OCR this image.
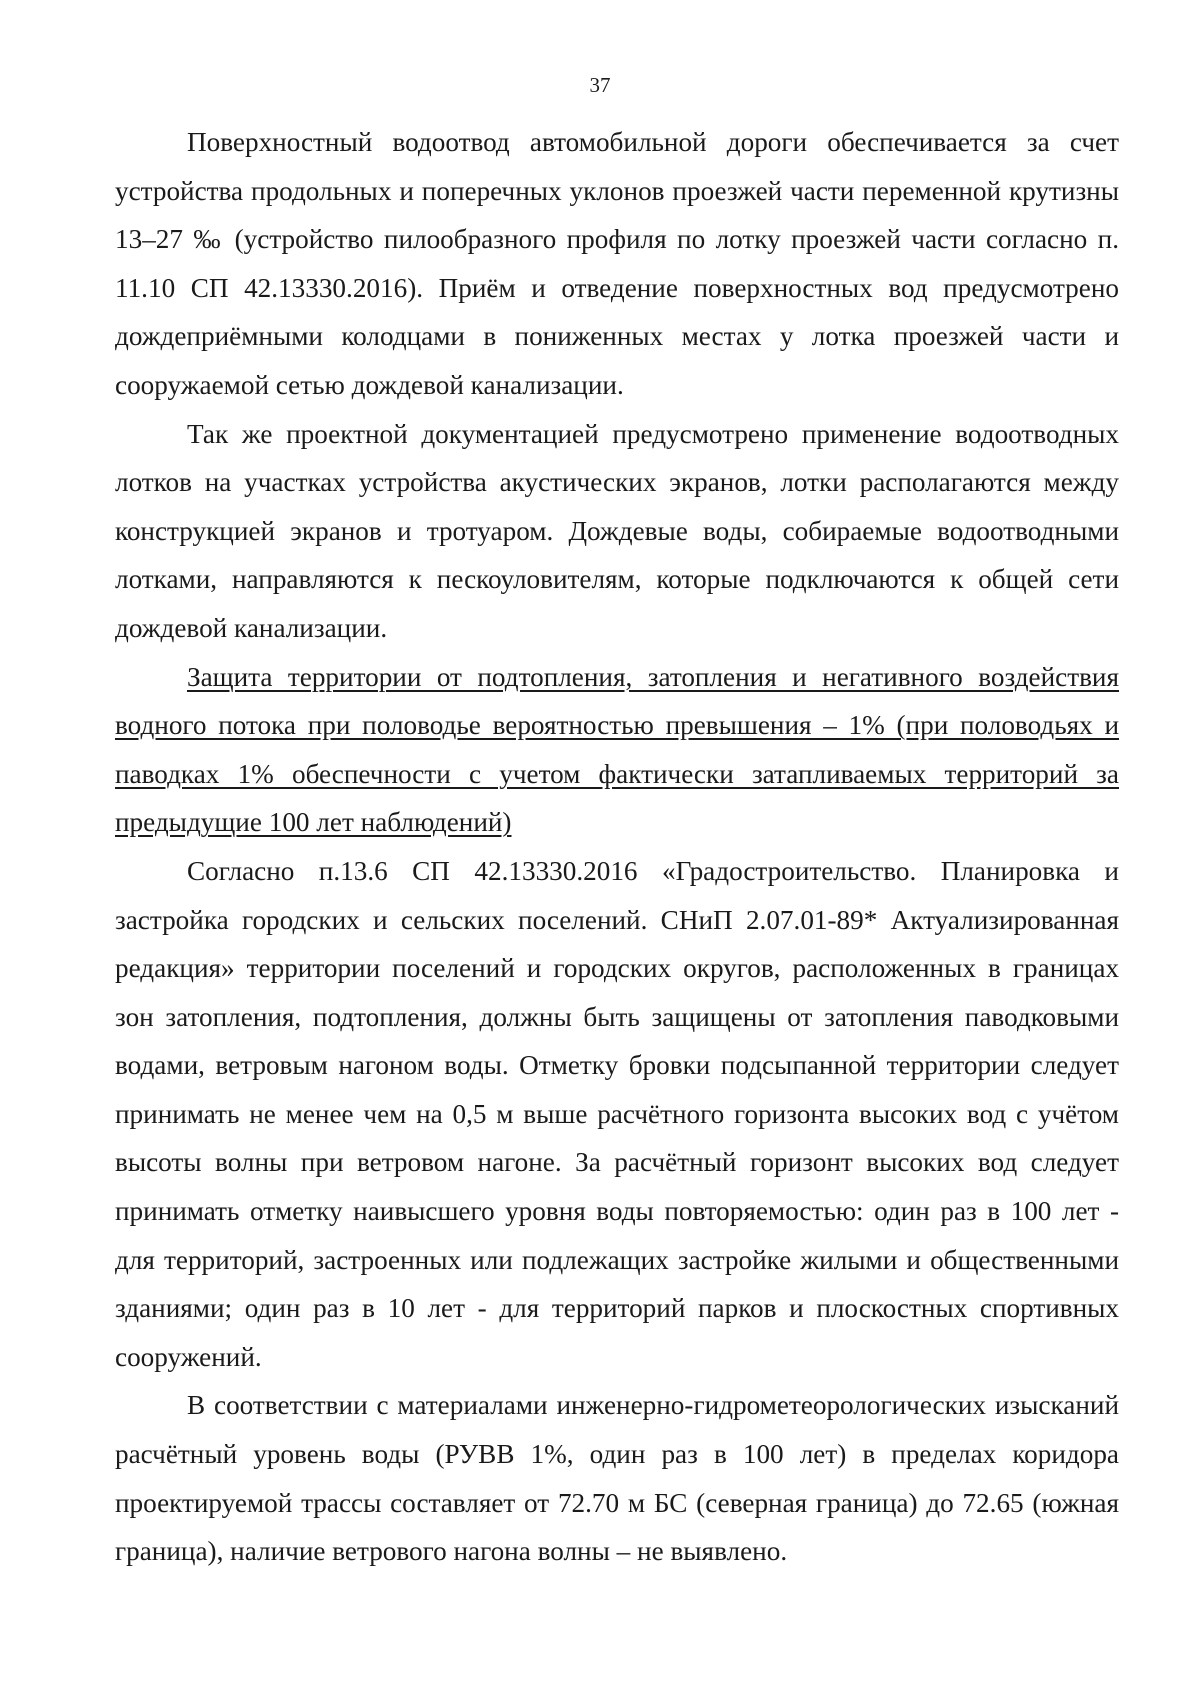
37

Поверхностный водоотвод автомобильной дороги обеспечивается за счет устройства продольных и поперечных уклонов проезжей части переменной крутизны 13–27 ‰ (устройство пилообразного профиля по лотку проезжей части согласно п. 11.10 СП 42.13330.2016). Приём и отведение поверхностных вод предусмотрено дождеприёмными колодцами в пониженных местах у лотка проезжей части и сооружаемой сетью дождевой канализации.

Так же проектной документацией предусмотрено применение водоотводных лотков на участках устройства акустических экранов, лотки располагаются между конструкцией экранов и тротуаром. Дождевые воды, собираемые водоотводными лотками, направляются к пескоуловителям, которые подключаются к общей сети дождевой канализации.

Защита территории от подтопления, затопления и негативного воздействия водного потока при половодье вероятностью превышения – 1% (при половодьях и паводках 1% обеспечности с учетом фактически затапливаемых территорий за предыдущие 100 лет наблюдений)

Согласно п.13.6 СП 42.13330.2016 «Градостроительство. Планировка и застройка городских и сельских поселений. СНиП 2.07.01-89* Актуализированная редакция» территории поселений и городских округов, расположенных в границах зон затопления, подтопления, должны быть защищены от затопления паводковыми водами, ветровым нагоном воды. Отметку бровки подсыпанной территории следует принимать не менее чем на 0,5 м выше расчётного горизонта высоких вод с учётом высоты волны при ветровом нагоне. За расчётный горизонт высоких вод следует принимать отметку наивысшего уровня воды повторяемостью: один раз в 100 лет - для территорий, застроенных или подлежащих застройке жилыми и общественными зданиями; один раз в 10 лет - для территорий парков и плоскостных спортивных сооружений.

В соответствии с материалами инженерно-гидрометеорологических изысканий расчётный уровень воды (РУВВ 1%, один раз в 100 лет) в пределах коридора проектируемой трассы составляет от 72.70 м БС (северная граница) до 72.65 (южная граница), наличие ветрового нагона волны – не выявлено.
